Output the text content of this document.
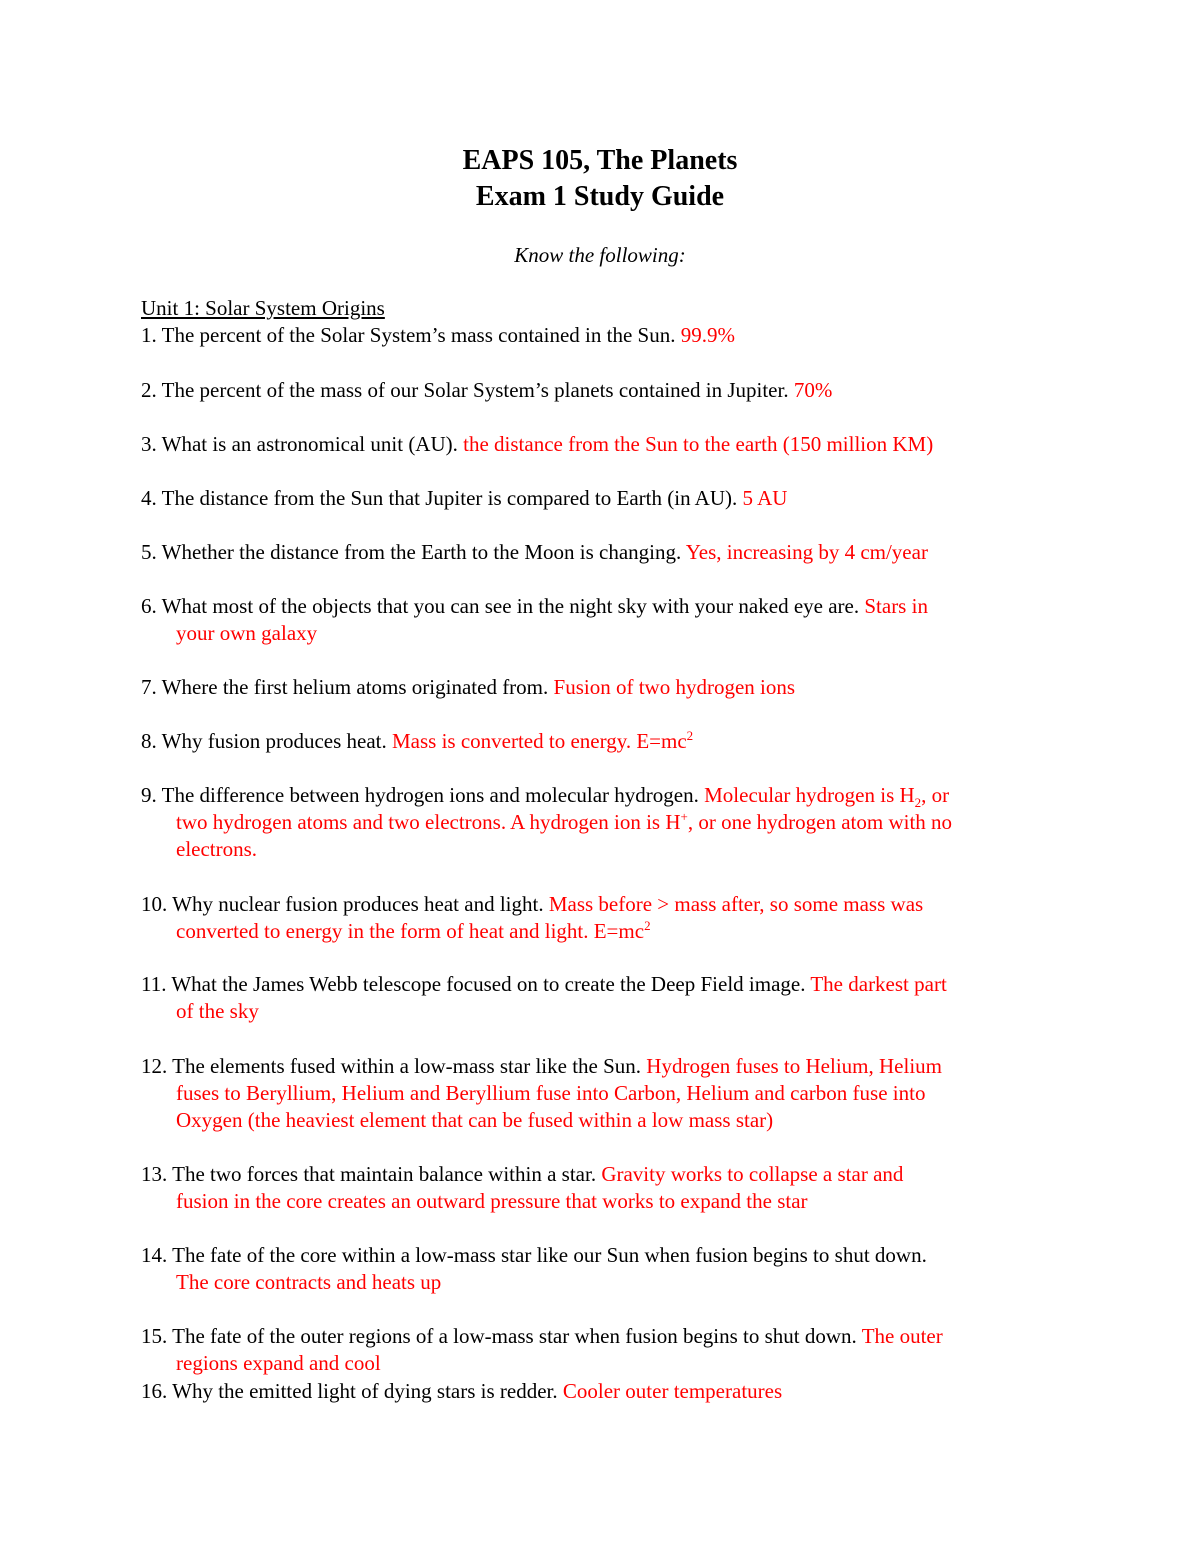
EAPS 105, The Planets
Exam 1 Study Guide
Know the following:
Unit 1: Solar System Origins
1. The percent of the Solar System’s mass contained in the Sun. 99.9%
2. The percent of the mass of our Solar System’s planets contained in Jupiter. 70%
3. What is an astronomical unit (AU). the distance from the Sun to the earth (150 million KM)
4. The distance from the Sun that Jupiter is compared to Earth (in AU). 5 AU
5. Whether the distance from the Earth to the Moon is changing. Yes, increasing by 4 cm/year
6. What most of the objects that you can see in the night sky with your naked eye are. Stars in
your own galaxy
7. Where the first helium atoms originated from. Fusion of two hydrogen ions
8. Why fusion produces heat. Mass is converted to energy. $E=mc^2$
9. The difference between hydrogen ions and molecular hydrogen. Molecular hydrogen is $H_2$, or
two hydrogen atoms and two electrons. A hydrogen ion is H+, or one hydrogen atom with no
electrons.
10. Why nuclear fusion produces heat and light. Mass before > mass after, so some mass was
converted to energy in the form of heat and light. $E=mc^2$
11. What the James Webb telescope focused on to create the Deep Field image. The darkest part
of the sky
12. The elements fused within a low-mass star like the Sun. Hydrogen fuses to Helium, Helium
fuses to Beryllium, Helium and Beryllium fuse into Carbon, Helium and carbon fuse into
Oxygen (the heaviest element that can be fused within a low mass star)
13. The two forces that maintain balance within a star. Gravity works to collapse a star and
fusion in the core creates an outward pressure that works to expand the star
14. The fate of the core within a low-mass star like our Sun when fusion begins to shut down.
The core contracts and heats up
15. The fate of the outer regions of a low-mass star when fusion begins to shut down. The outer
regions expand and cool
16. Why the emitted light of dying stars is redder. Cooler outer temperatures
